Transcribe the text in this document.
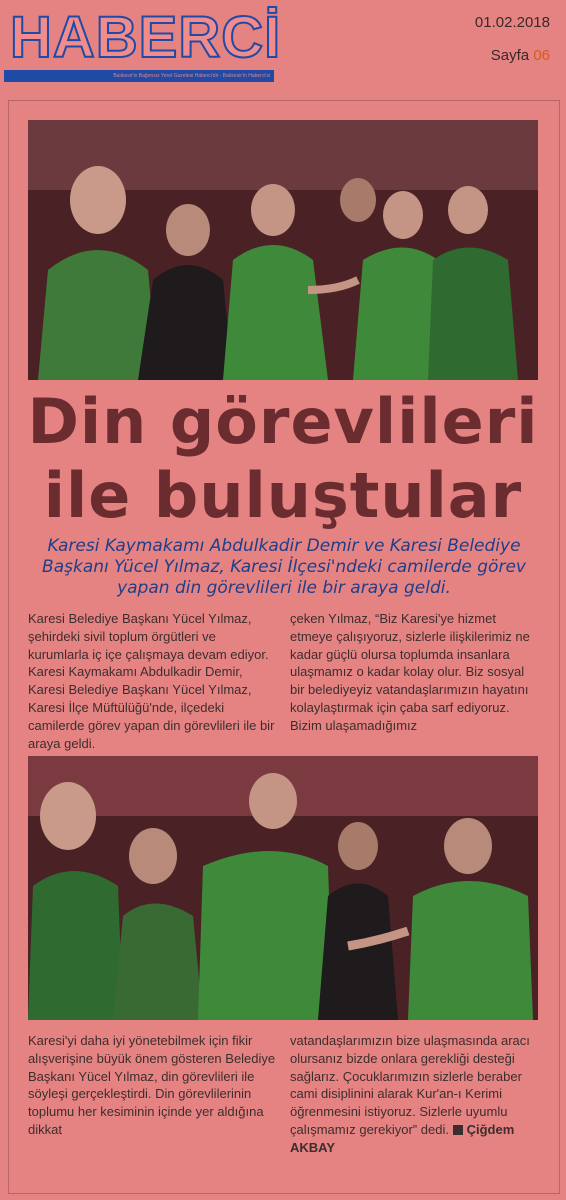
HABERCİ
Balıkesir'in Bağımsız Yerel Gazetesi Haberci'dir - Balıkesir'in Haberci'si
01.02.2018
Sayfa 06
Din görevlileri
ile buluştular
Karesi Kaymakamı Abdulkadir Demir ve Karesi Belediye Başkanı Yücel Yılmaz, Karesi İlçesi'ndeki camilerde görev yapan din görevlileri ile bir araya geldi.
Karesi Belediye Başkanı Yücel Yılmaz, şehirdeki sivil toplum örgütleri ve kurumlarla iç içe çalışmaya devam ediyor. Karesi Kaymakamı Abdulkadir Demir, Karesi Belediye Başkanı Yücel Yılmaz, Karesi İlçe Müftülüğü'nde, ilçedeki camilerde görev yapan din görevlileri ile bir araya geldi.
çeken Yılmaz, “Biz Karesi'ye hizmet etmeye çalışıyoruz, sizlerle ilişkilerimiz ne kadar güçlü olursa toplumda insanlara ulaşmamız o kadar kolay olur. Biz sosyal bir belediyeyiz vatandaşlarımızın hayatını kolaylaştırmak için çaba sarf ediyoruz. Bizim ulaşamadığımız
Karesi'yi daha iyi yönetebilmek için fikir alışverişine büyük önem gösteren Belediye Başkanı Yücel Yılmaz, din görevlileri ile söyleşi gerçekleştirdi. Din görevlilerinin toplumu her kesiminin içinde yer aldığına dikkat
vatandaşlarımızın bize ulaşmasında aracı olursanız bizde onlara gerekliği desteği sağlarız. Çocuklarımızın sizlerle beraber cami disiplinini alarak Kur'an-ı Kerimi öğrenmesini istiyoruz. Sizlerle uyumlu çalışmamız gerekiyor” dedi. Çiğdem AKBAY
